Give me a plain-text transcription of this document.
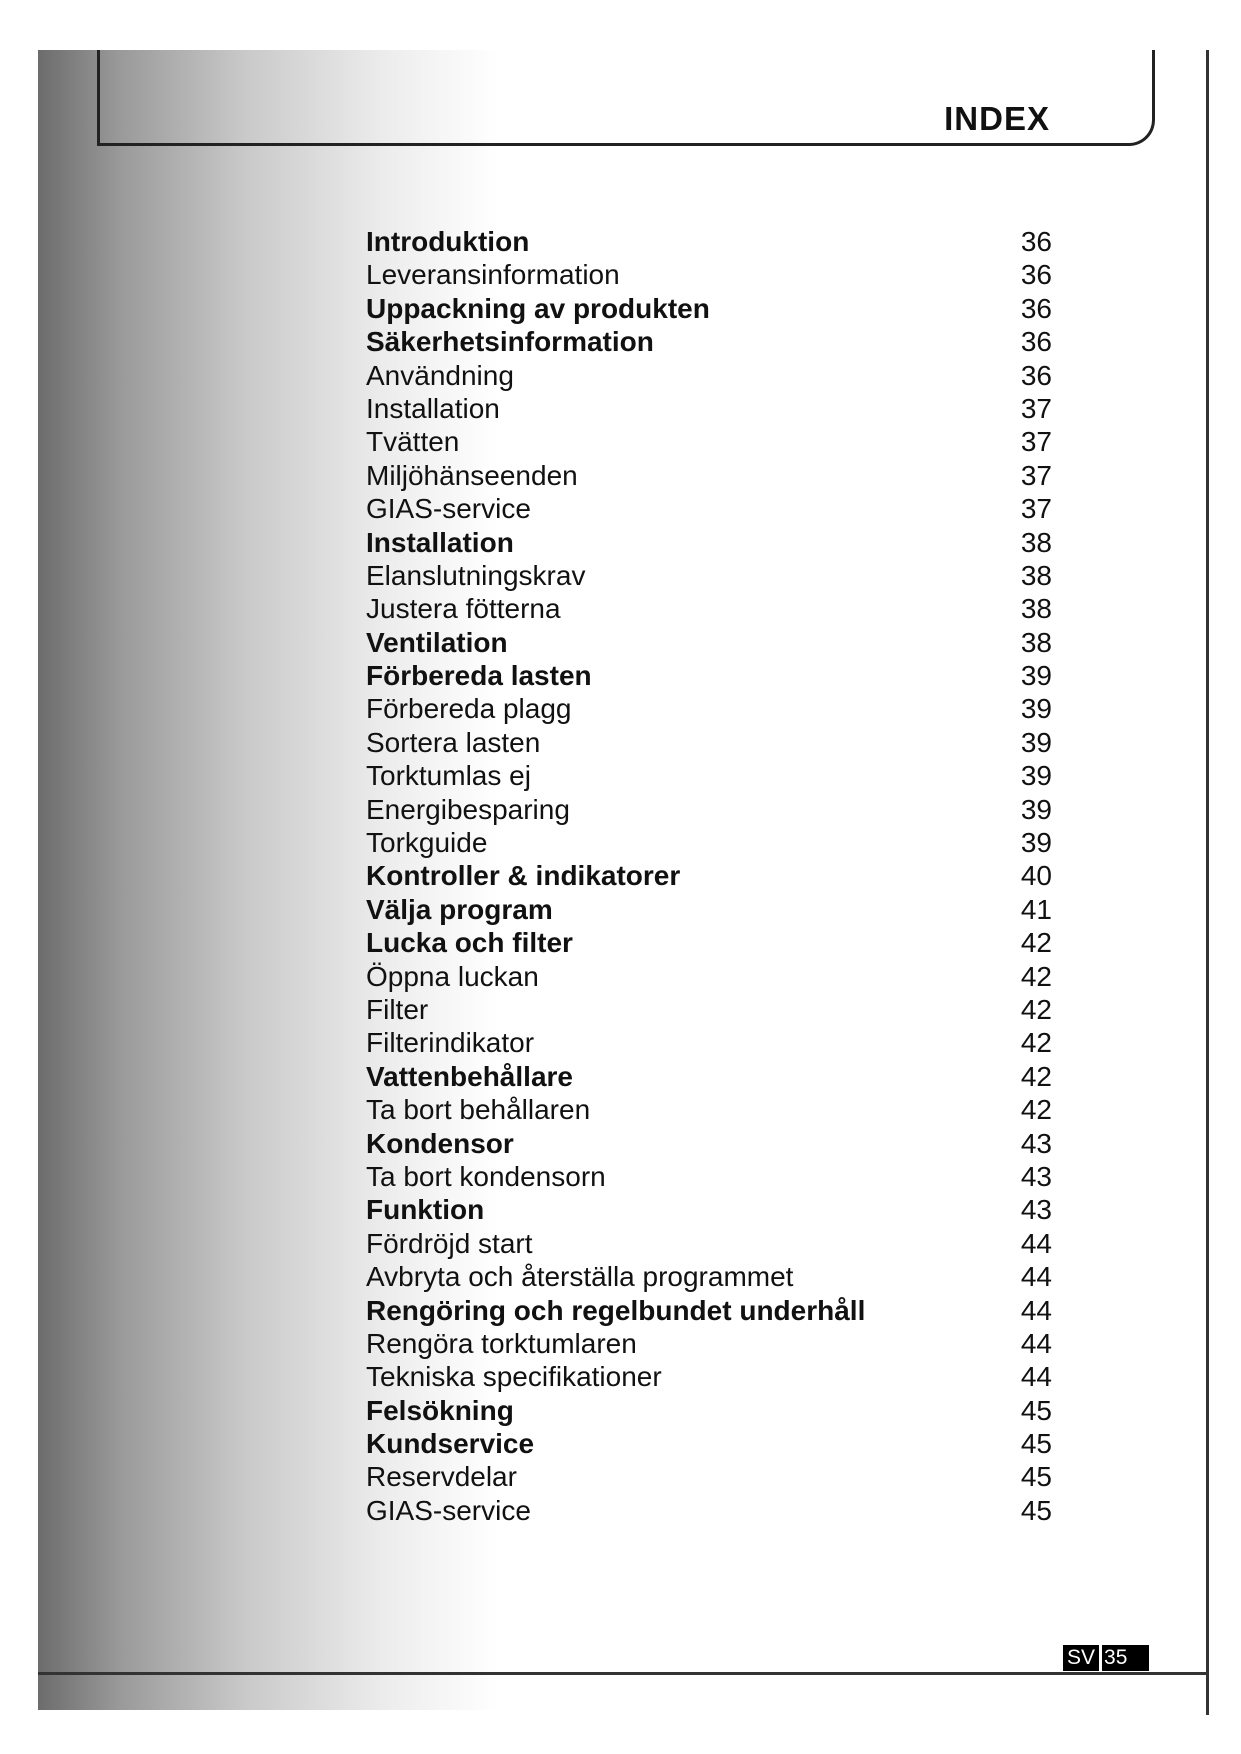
INDEX
Introduktion	36
Leveransinformation	36
Uppackning av produkten	36
Säkerhetsinformation	36
Användning	36
Installation	37
Tvätten	37
Miljöhänseenden	37
GIAS-service	37
Installation	38
Elanslutningskrav	38
Justera fötterna	38
Ventilation	38
Förbereda lasten	39
Förbereda plagg	39
Sortera lasten	39
Torktumlas ej	39
Energibesparing	39
Torkguide	39
Kontroller & indikatorer	40
Välja program	41
Lucka och filter	42
Öppna luckan	42
Filter	42
Filterindikator	42
Vattenbehållare	42
Ta bort behållaren	42
Kondensor	43
Ta bort kondensorn	43
Funktion	43
Fördröjd start	44
Avbryta och återställa programmet	44
Rengöring och regelbundet underhåll	44
Rengöra torktumlaren	44
Tekniska specifikationer	44
Felsökning	45
Kundservice	45
Reservdelar	45
GIAS-service	45
SV 35
